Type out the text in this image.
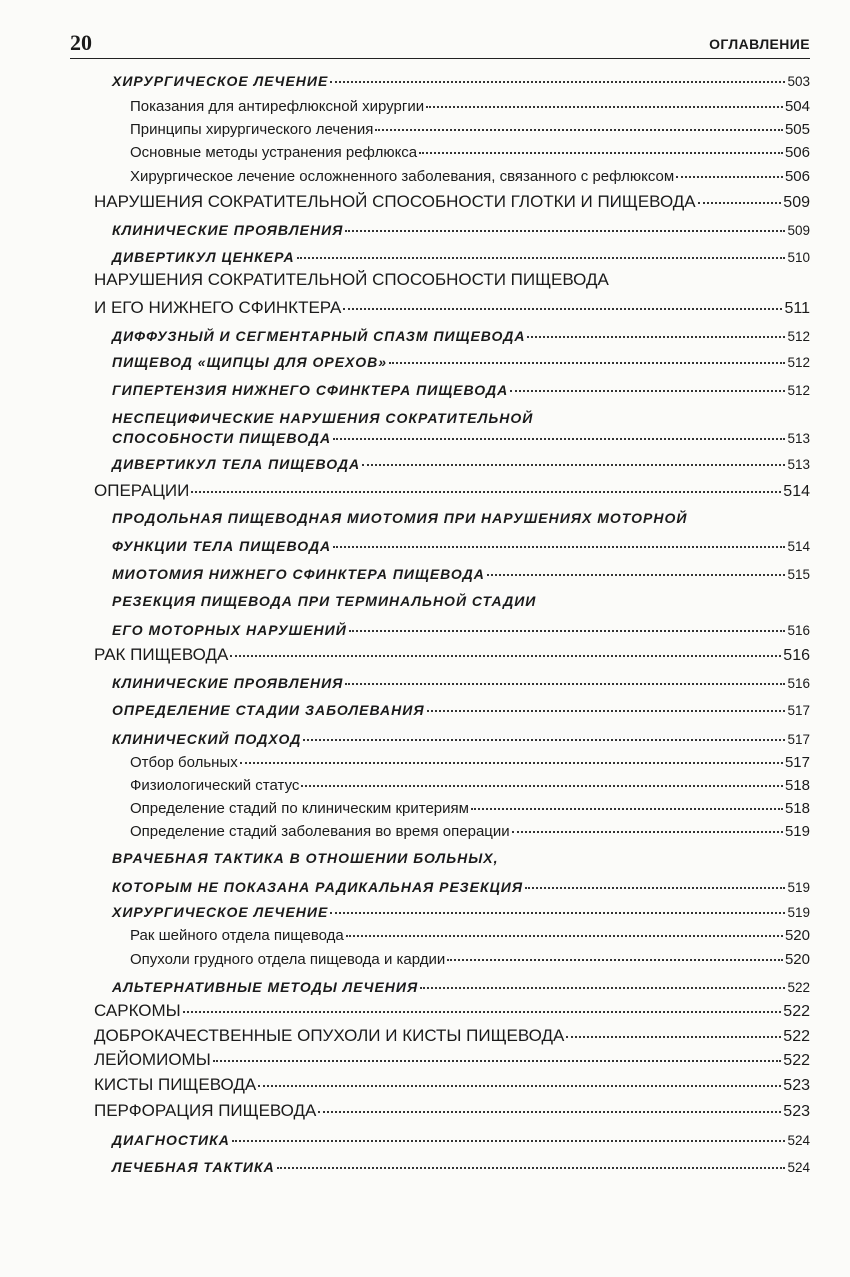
20	ОГЛАВЛЕНИЕ
ХИРУРГИЧЕСКОЕ ЛЕЧЕНИЕ	503
Показания для антирефлюксной хирургии	504
Принципы хирургического лечения	505
Основные методы устранения рефлюкса	506
Хирургическое лечение осложненного заболевания, связанного с рефлюксом	506
НАРУШЕНИЯ СОКРАТИТЕЛЬНОЙ СПОСОБНОСТИ ГЛОТКИ И ПИЩЕВОДА	509
КЛИНИЧЕСКИЕ ПРОЯВЛЕНИЯ	509
ДИВЕРТИКУЛ ЦЕНКЕРА	510
НАРУШЕНИЯ СОКРАТИТЕЛЬНОЙ СПОСОБНОСТИ ПИЩЕВОДА
И ЕГО НИЖНЕГО СФИНКТЕРА	511
ДИФФУЗНЫЙ И СЕГМЕНТАРНЫЙ СПАЗМ ПИЩЕВОДА	512
ПИЩЕВОД «ЩИПЦЫ ДЛЯ ОРЕХОВ»	512
ГИПЕРТЕНЗИЯ НИЖНЕГО СФИНКТЕРА ПИЩЕВОДА	512
НЕСПЕЦИФИЧЕСКИЕ НАРУШЕНИЯ СОКРАТИТЕЛЬНОЙ
СПОСОБНОСТИ ПИЩЕВОДА	513
ДИВЕРТИКУЛ ТЕЛА ПИЩЕВОДА	513
ОПЕРАЦИИ	514
ПРОДОЛЬНАЯ ПИЩЕВОДНАЯ МИОТОМИЯ ПРИ НАРУШЕНИЯХ МОТОРНОЙ
ФУНКЦИИ ТЕЛА ПИЩЕВОДА	514
МИОТОМИЯ НИЖНЕГО СФИНКТЕРА ПИЩЕВОДА	515
РЕЗЕКЦИЯ ПИЩЕВОДА ПРИ ТЕРМИНАЛЬНОЙ СТАДИИ
ЕГО МОТОРНЫХ НАРУШЕНИЙ	516
РАК ПИЩЕВОДА	516
КЛИНИЧЕСКИЕ ПРОЯВЛЕНИЯ	516
ОПРЕДЕЛЕНИЕ СТАДИИ ЗАБОЛЕВАНИЯ	517
КЛИНИЧЕСКИЙ ПОДХОД	517
Отбор больных	517
Физиологический статус	518
Определение стадий по клиническим критериям	518
Определение стадий заболевания во время операции	519
ВРАЧЕБНАЯ ТАКТИКА В ОТНОШЕНИИ БОЛЬНЫХ,
КОТОРЫМ НЕ ПОКАЗАНА РАДИКАЛЬНАЯ РЕЗЕКЦИЯ	519
ХИРУРГИЧЕСКОЕ ЛЕЧЕНИЕ	519
Рак шейного отдела пищевода	520
Опухоли грудного отдела пищевода и кардии	520
АЛЬТЕРНАТИВНЫЕ МЕТОДЫ ЛЕЧЕНИЯ	522
САРКОМЫ	522
ДОБРОКАЧЕСТВЕННЫЕ ОПУХОЛИ И КИСТЫ ПИЩЕВОДА	522
ЛЕЙОМИОМЫ	522
КИСТЫ ПИЩЕВОДА	523
ПЕРФОРАЦИЯ ПИЩЕВОДА	523
ДИАГНОСТИКА	524
ЛЕЧЕБНАЯ ТАКТИКА	524
